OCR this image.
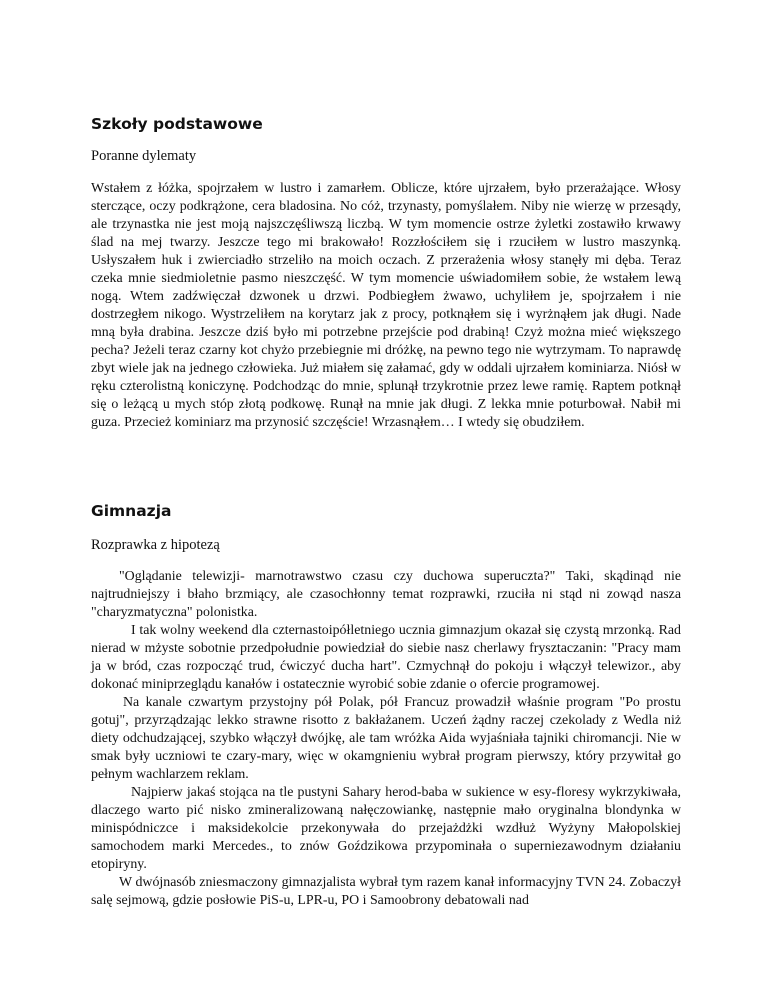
Szkoły podstawowe

Poranne dylematy

Wstałem z łóżka, spojrzałem w lustro i zamarłem. Oblicze, które ujrzałem, było przerażające. Włosy sterczące, oczy podkrążone, cera bladosina. No cóż, trzynasty, pomyślałem. Niby nie wierzę w przesądy, ale trzynastka nie jest moją najszczęśliwszą liczbą. W tym momencie ostrze żyletki zostawiło krwawy ślad na mej twarzy. Jeszcze tego mi brakowało! Rozzłościłem się i rzuciłem w lustro maszynką. Usłyszałem huk i zwierciadło strzeliło na moich oczach. Z przerażenia włosy stanęły mi dęba. Teraz czeka mnie siedmioletnie pasmo nieszczęść. W tym momencie uświadomiłem sobie, że wstałem lewą nogą. Wtem zadźwięczał dzwonek u drzwi. Podbiegłem żwawo, uchyliłem je, spojrzałem i nie dostrzegłem nikogo. Wystrzeliłem na korytarz jak z procy, potknąłem się i wyrżnąłem jak długi. Nade mną była drabina. Jeszcze dziś było mi potrzebne przejście pod drabiną! Czyż można mieć większego pecha? Jeżeli teraz czarny kot chyżo przebiegnie mi dróżkę, na pewno tego nie wytrzymam. To naprawdę zbyt wiele jak na jednego człowieka. Już miałem się załamać, gdy w oddali ujrzałem kominiarza. Niósł w ręku czterolistną koniczynę. Podchodząc do mnie, splunął trzykrotnie przez lewe ramię. Raptem potknął się o leżącą u mych stóp złotą podkowę. Runął na mnie jak długi. Z lekka mnie poturbował. Nabił mi guza. Przecież kominiarz ma przynosić szczęście! Wrzasnąłem… I wtedy się obudziłem.

Gimnazja

Rozprawka z hipotezą

"Oglądanie telewizji- marnotrawstwo czasu czy duchowa superuczta?" Taki, skądinąd nie najtrudniejszy i błaho brzmiący, ale czasochłonny temat rozprawki, rzuciła ni stąd ni zowąd nasza "charyzmatyczna" polonistka.

I tak wolny weekend dla czternastoipółletniego ucznia gimnazjum okazał się czystą mrzonką. Rad nierad w mżyste sobotnie przedpołudnie powiedział do siebie nasz cherlawy frysztaczanin: "Pracy mam ja w bród, czas rozpocząć trud, ćwiczyć ducha hart". Czmychnął do pokoju i włączył telewizor., aby dokonać miniprzeglądu kanałów i ostatecznie wyrobić sobie zdanie o ofercie programowej.

Na kanale czwartym przystojny pół Polak, pół Francuz prowadził właśnie program "Po prostu gotuj", przyrządzając lekko strawne risotto z bakłażanem. Uczeń żądny raczej czekolady z Wedla niż diety odchudzającej, szybko włączył dwójkę, ale tam wróżka Aida wyjaśniała tajniki chiromancji. Nie w smak były uczniowi te czary-mary, więc w okamgnieniu wybrał program pierwszy, który przywitał go pełnym wachlarzem reklam.

Najpierw jakaś stojąca na tle pustyni Sahary herod-baba w sukience w esy-floresy wykrzykiwała, dlaczego warto pić nisko zmineralizowaną nałęczowiankę, następnie mało oryginalna blondynka w minispódniczce i maksidekolcie przekonywała do przejażdżki wzdłuż Wyżyny Małopolskiej samochodem marki Mercedes., to znów Goździkowa przypominała o superniezawodnym działaniu etopiryny.

W dwójnasób zniesmaczony gimnazjalista wybrał tym razem kanał informacyjny TVN 24. Zobaczył salę sejmową, gdzie posłowie PiS-u, LPR-u, PO i Samoobrony debatowali nad
